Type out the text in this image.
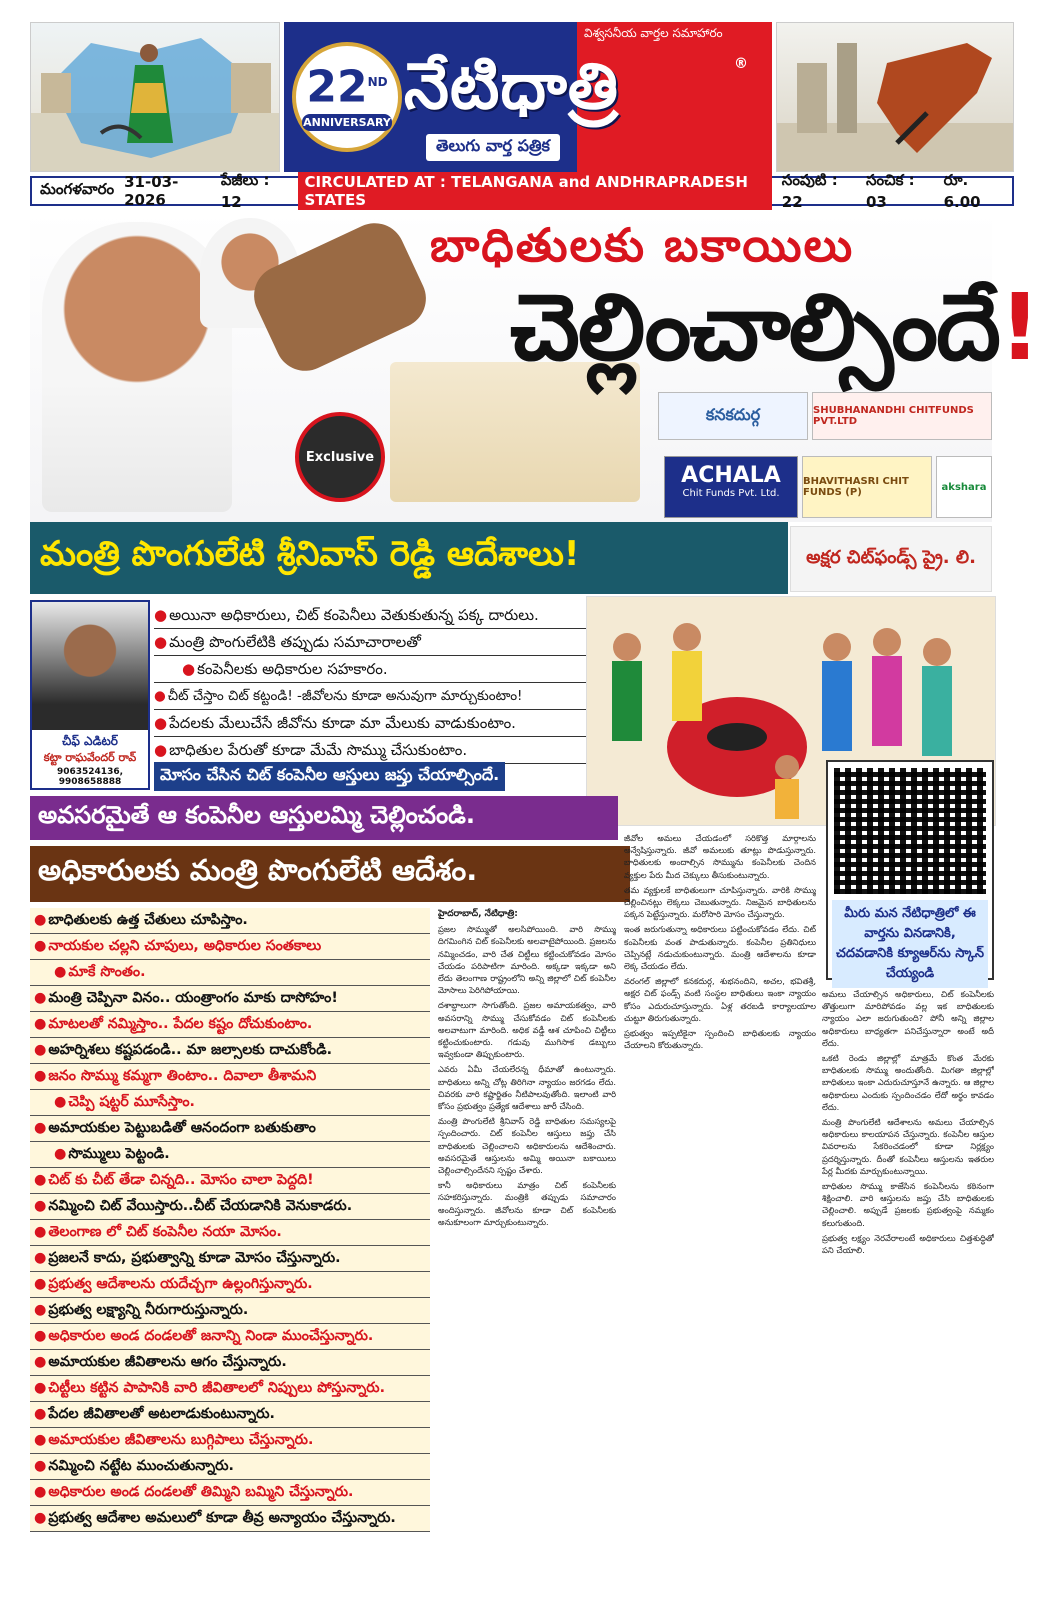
విశ్వసనీయ వార్తల సమాహారం
22ND
ANNIVERSARY నేటిధాత్రి	®
తెలుగు వార్త పత్రిక
మంగళవారం 31-03-2026
పేజీలు : 12
CIRCULATED AT : TELANGANA and ANDHRAPRADESH STATES
సంపుటి : 22
సంచిక : 03
రూ. 6.00
Exclusive
బాధితులకు బకాయిలు
చెల్లించాల్సిందే!
కనకదుర్గ	SHUBHANANDHI CHITFUNDS PVT.LTD
ACHALA
Chit Funds Pvt. Ltd.
BHAVITHASRI CHIT FUNDS (P)	akshara
మంత్రి పొంగులేటి శ్రీనివాస్ రెడ్డి ఆదేశాలు!	అక్షర చిట్‌ఫండ్స్ ప్రై. లి.
చీఫ్ ఎడిటర్
కట్టా రాఘవేందర్ రావ్
9063524136, 9908658888
● అయినా అధికారులు, చిట్ కంపెనీలు వెతుకుతున్న పక్క దారులు.
● మంత్రి పొంగులేటికి తప్పుడు సమాచారాలతో
● కంపెనీలకు అధికారుల సహకారం.
● చీట్ చేస్తాం చిట్ కట్టండి! -జీవోలను కూడా అనువుగా మార్చుకుంటాం!
● పేదలకు మేలుచేసే జీవోను కూడా మా మేలుకు వాడుకుంటాం.
● బాధితుల పేరుతో కూడా మేమే సొమ్ము చేసుకుంటాం.
మోసం చేసిన చిట్ కంపెనీల ఆస్తులు జప్తు చేయాల్సిందే.
మీరు మన నేటిధాత్రిలో ఈ వార్తను వినడానికి, చదవడానికి క్యూఆర్‌ను స్కాన్ చేయ్యండి
అవసరమైతే ఆ కంపెనీల ఆస్తులమ్మి చెల్లించండి.
అధికారులకు మంత్రి పొంగులేటి ఆదేశం.
● బాధితులకు ఉత్త చేతులు చూపిస్తాం.
● నాయకుల చల్లని చూపులు, అధికారుల సంతకాలు
● మాకే సొంతం.
● మంత్రి చెప్పినా వినం.. యంత్రాంగం మాకు దాసోహం!
● మాటలతో నమ్మిస్తాం.. పేదల కష్టం దోచుకుంటాం.
● అహర్నిశలు కష్టపడండి.. మా జల్సాలకు దాచుకోండి.
● జనం సొమ్ము కమ్మగా తింటాం.. దివాలా తీశామని
● చెప్పి షట్టర్ మూసేస్తాం.
● అమాయకుల పెట్టుబడితో ఆనందంగా బతుకుతాం
● సొమ్ములు పెట్టండి.
● చిట్ కు చీట్ తేడా చిన్నది.. మోసం చాలా పెద్దది!
● నమ్మించి చిట్ వేయిస్తారు..చీట్ చేయడానికి వెనుకాడరు.
● తెలంగాణ లో చిట్ కంపెనీల నయా మోసం.
● ప్రజలనే కాదు, ప్రభుత్వాన్ని కూడా మోసం చేస్తున్నారు.
● ప్రభుత్వ ఆదేశాలను యదేచ్చగా ఉల్లంగిస్తున్నారు.
● ప్రభుత్వ లక్ష్యాన్ని నీరుగారుస్తున్నారు.
● అధికారుల అండ దండలతో జనాన్ని నిండా ముంచేస్తున్నారు.
● అమాయకుల జీవితాలను ఆగం చేస్తున్నారు.
● చిట్టీలు కట్టిన పాపానికి వారి జీవితాలలో నిప్పులు పోస్తున్నారు.
● పేదల జీవితాలతో అటలాడుకుంటున్నారు.
● అమాయకుల జీవితాలను బుగ్గిపాలు చేస్తున్నారు.
● నమ్మించి నట్టేట ముంచుతున్నారు.
● అధికారుల అండ దండలతో తిమ్మిని బమ్మిని చేస్తున్నారు.
● ప్రభుత్వ ఆదేశాల అమలులో కూడా తీవ్ర అన్యాయం చేస్తున్నారు.

హైదరాబాద్, నేటిధాత్రి:

ప్రజల సొమ్ముతో అలసిపోయింది. వారి సొమ్ము దిగమింగిన చిట్ కంపెనీలకు అలవాటైపోయింది. ప్రజలను నమ్మించడం, వారి చేత చిట్టీలు కట్టించుకోవడం మోసం చేయడం పరిపాటిగా మారింది. అక్కడా ఇక్కడా అని లేదు తెలంగాణ రాష్ట్రంలోని అన్ని జిల్లాలో చిట్ కంపెనీల మోసాలు పెరిగిపోయాయి.

దశాబ్దాలుగా సాగుతోంది. ప్రజల అమాయకత్వం, వారి అవసరాన్ని సొమ్ము చేసుకోవడం చిట్ కంపెనీలకు అలవాటుగా మారింది. అధిక వడ్డీ ఆశ చూపించి చిట్టీలు కట్టించుకుంటారు. గడువు ముగిసాక డబ్బులు ఇవ్వకుండా తిప్పుకుంటారు.

ఎవరు ఏమీ చేయలేరన్న ధీమాతో ఉంటున్నారు. బాధితులు అన్ని చోట్ల తిరిగినా న్యాయం జరగడం లేదు. చివరకు వారి కష్టార్జితం నీటిపాలవుతోంది. ఇలాంటి వారి కోసం ప్రభుత్వం ప్రత్యేక ఆదేశాలు జారీ చేసింది.

మంత్రి పొంగులేటి శ్రీనివాస్ రెడ్డి బాధితుల సమస్యలపై స్పందించారు. చిట్ కంపెనీల ఆస్తులు జప్తు చేసి బాధితులకు చెల్లించాలని అధికారులను ఆదేశించారు. అవసరమైతే ఆస్తులను అమ్మి అయినా బకాయిలు చెల్లించాల్సిందేనని స్పష్టం చేశారు.

కానీ అధికారులు మాత్రం చిట్ కంపెనీలకు సహకరిస్తున్నారు. మంత్రికి తప్పుడు సమాచారం అందిస్తున్నారు. జీవోలను కూడా చిట్ కంపెనీలకు అనుకూలంగా మార్చుకుంటున్నారు.

జీవోల అమలు చేయడంలో సరికొత్త మార్గాలను అన్వేషిస్తున్నారు. జీవో అమలుకు తూట్లు పొడుస్తున్నారు. బాధితులకు అందాల్సిన సొమ్మును కంపెనీలకు చెందిన వ్యక్తుల పేరు మీద చెక్కులు తీసుకుంటున్నారు.

తమ వ్యక్తులకే బాధితులుగా చూపిస్తున్నారు. వారికి సొమ్ము చెల్లించినట్లు లెక్కలు చెబుతున్నారు. నిజమైన బాధితులను పక్కన పెట్టేస్తున్నారు. మరోసారి మోసం చేస్తున్నారు.

ఇంత జరుగుతున్నా అధికారులు పట్టించుకోవడం లేదు. చిట్ కంపెనీలకు వంత పాడుతున్నారు. కంపెనీల ప్రతినిధులు చెప్పినట్లే నడుచుకుంటున్నారు. మంత్రి ఆదేశాలను కూడా లెక్క చేయడం లేదు.

వరంగల్ జిల్లాలో కనకదుర్గ, శుభనందిని, అచల, భవితశ్రీ, అక్షర చిట్ ఫండ్స్ వంటి సంస్థల బాధితులు ఇంకా న్యాయం కోసం ఎదురుచూస్తున్నారు. ఏళ్ల తరబడి కార్యాలయాల చుట్టూ తిరుగుతున్నారు.

ప్రభుత్వం ఇప్పటికైనా స్పందించి బాధితులకు న్యాయం చేయాలని కోరుతున్నారు.

అమలు చేయాల్సిన అధికారులు, చిట్ కంపెనీలకు తొత్తులుగా మారిపోవడం వల్ల ఇక బాధితులకు న్యాయం ఎలా జరుగుతుంది? పోనీ అన్ని జిల్లాల అధికారులు బాధ్యతగా పనిచేస్తున్నారా అంటే అదీ లేదు.

ఒకటి రెండు జిల్లాల్లో మాత్రమే కొంత మేరకు బాధితులకు సొమ్ము అందుతోంది. మిగతా జిల్లాల్లో బాధితులు ఇంకా ఎదురుచూస్తూనే ఉన్నారు. ఆ జిల్లాల అధికారులు ఎందుకు స్పందించడం లేదో అర్థం కావడం లేదు.

మంత్రి పొంగులేటి ఆదేశాలను అమలు చేయాల్సిన అధికారులు కాలయాపన చేస్తున్నారు. కంపెనీల ఆస్తుల వివరాలను సేకరించడంలో కూడా నిర్లక్ష్యం ప్రదర్శిస్తున్నారు. దీంతో కంపెనీలు ఆస్తులను ఇతరుల పేర్ల మీదకు మార్చుకుంటున్నాయి.

బాధితుల సొమ్ము కాజేసిన కంపెనీలను కఠినంగా శిక్షించాలి. వారి ఆస్తులను జప్తు చేసి బాధితులకు చెల్లించాలి. అప్పుడే ప్రజలకు ప్రభుత్వంపై నమ్మకం కలుగుతుంది.

ప్రభుత్వ లక్ష్యం నెరవేరాలంటే అధికారులు చిత్తశుద్ధితో పని చేయాలి.
